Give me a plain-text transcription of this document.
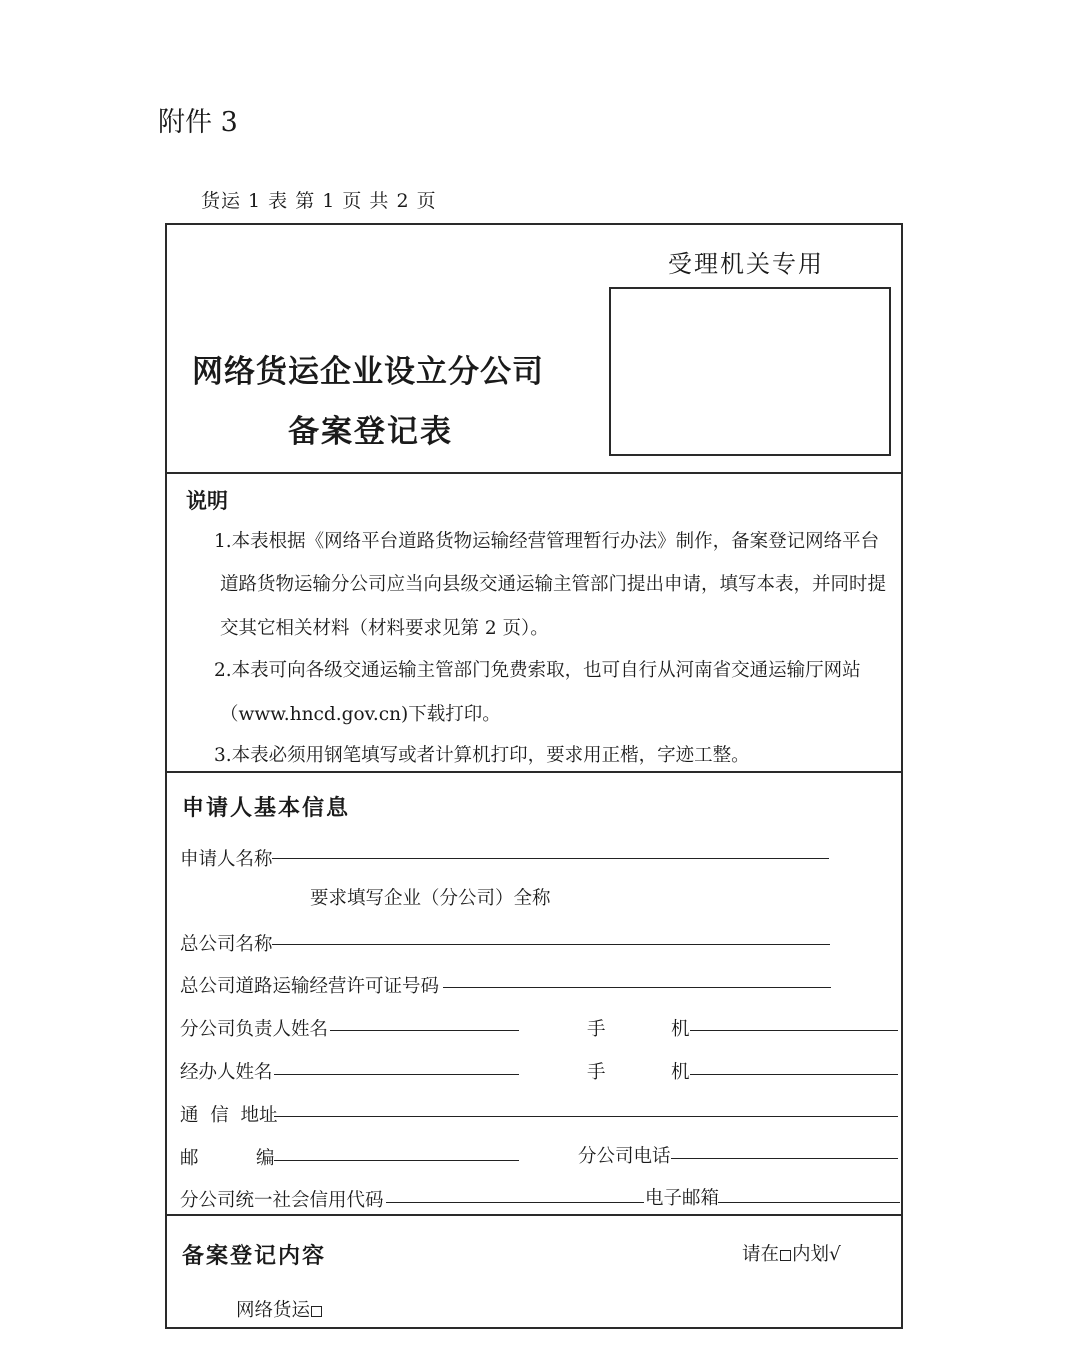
附件 3
货运 1 表 第 1 页 共 2 页
受理机关专用
网络货运企业设立分公司
备案登记表
说明
1.本表根据《网络平台道路货物运输经营管理暂行办法》制作，备案登记网络平台
道路货物运输分公司应当向县级交通运输主管部门提出申请，填写本表，并同时提
交其它相关材料（材料要求见第 2 页）。
2.本表可向各级交通运输主管部门免费索取，也可自行从河南省交通运输厅网站
（www.hncd.gov.cn)下载打印。
3.本表必须用钢笔填写或者计算机打印，要求用正楷，字迹工整。
申请人基本信息
申请人名称
要求填写企业（分公司）全称
总公司名称
总公司道路运输经营许可证号码
分公司负责人姓名	手	机
经办人姓名	手	机
通  信  地址
邮	编	分公司电话
分公司统一社会信用代码	电子邮箱
备案登记内容	请在 内划√
网络货运
